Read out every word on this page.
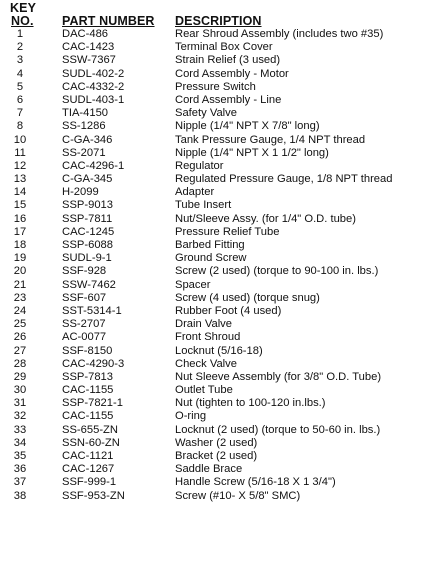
KEY
NO. PART NUMBER DESCRIPTION
1	DAC-486	Rear Shroud Assembly (includes two #35)
2	CAC-1423	Terminal Box Cover
3	SSW-7367	Strain Relief (3 used)
4	SUDL-402-2	Cord Assembly - Motor
5	CAC-4332-2	Pressure Switch
6	SUDL-403-1	Cord Assembly - Line
7	TIA-4150	Safety Valve
8	SS-1286	Nipple (1/4" NPT X 7/8" long)
10	C-GA-346	Tank Pressure Gauge, 1/4 NPT thread
11	SS-2071	Nipple (1/4" NPT X 1 1/2" long)
12	CAC-4296-1	Regulator
13	C-GA-345	Regulated Pressure Gauge, 1/8 NPT thread
14	H-2099	Adapter
15	SSP-9013	Tube Insert
16	SSP-7811	Nut/Sleeve Assy. (for 1/4" O.D. tube)
17	CAC-1245	Pressure Relief Tube
18	SSP-6088	Barbed Fitting
19	SUDL-9-1	Ground Screw
20	SSF-928	Screw (2 used) (torque to 90-100 in. lbs.)
21	SSW-7462	Spacer
23	SSF-607	Screw (4 used) (torque snug)
24	SST-5314-1	Rubber Foot (4 used)
25	SS-2707	Drain Valve
26	AC-0077	Front Shroud
27	SSF-8150	Locknut (5/16-18)
28	CAC-4290-3	Check Valve
29	SSP-7813	Nut Sleeve Assembly (for 3/8" O.D. Tube)
30	CAC-1155	Outlet Tube
31	SSP-7821-1	Nut (tighten to 100-120 in.lbs.)
32	CAC-1155	O-ring
33	SS-655-ZN	Locknut (2 used) (torque to 50-60 in. lbs.)
34	SSN-60-ZN	Washer (2 used)
35	CAC-1121	Bracket (2 used)
36	CAC-1267	Saddle Brace
37	SSF-999-1	Handle Screw (5/16-18 X 1 3/4")
38	SSF-953-ZN	Screw (#10- X 5/8" SMC)
